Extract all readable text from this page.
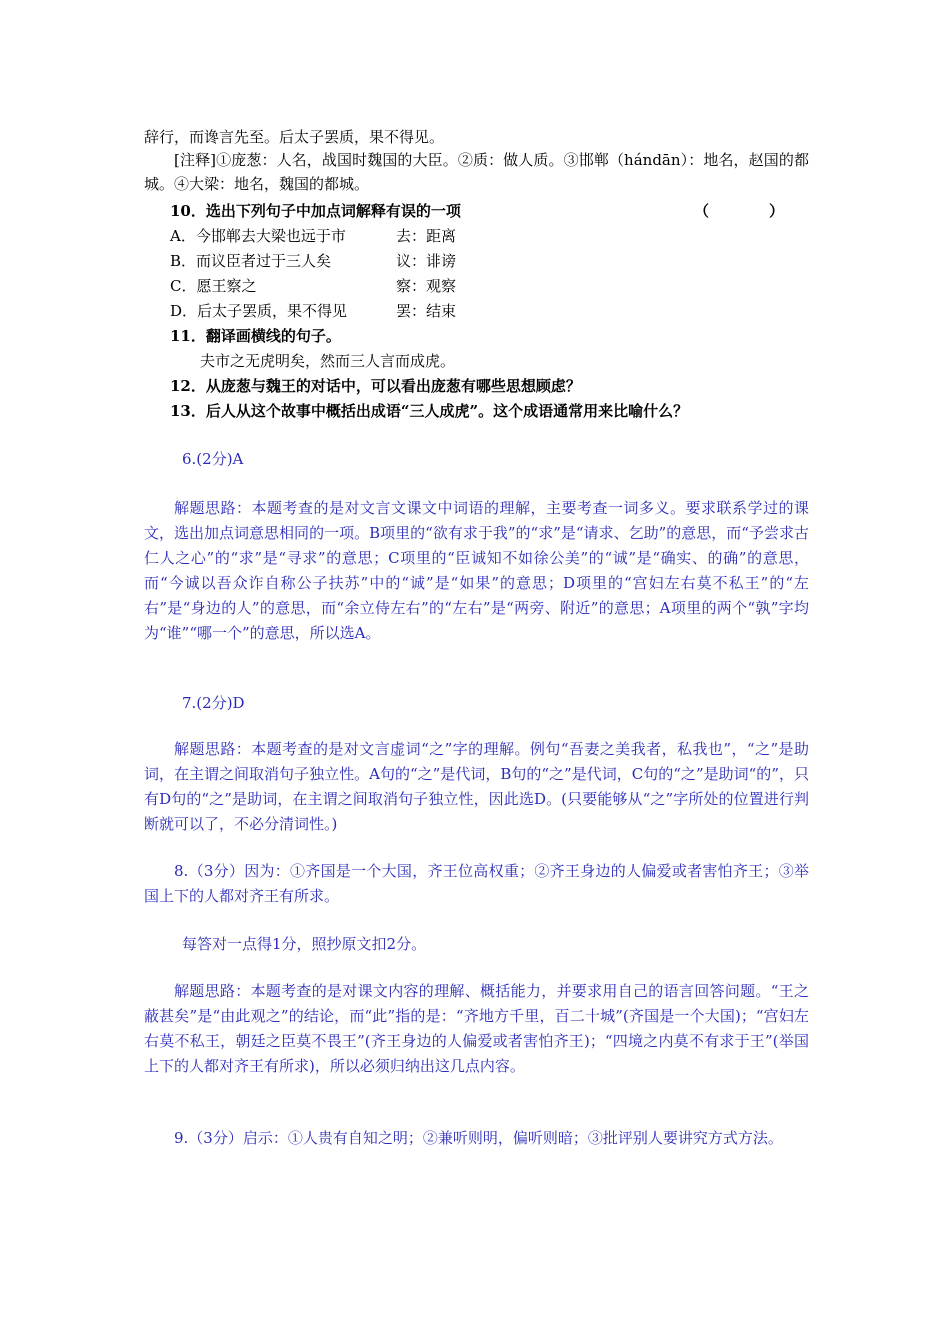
辞行，而谗言先至。后太子罢质，果不得见。
[注释]①庞葱：人名，战国时魏国的大臣。②质：做人质。③邯郸（hándān）：地名，赵国的都城。④大梁：地名，魏国的都城。
10．选出下列句子中加点词解释有误的一项	（　　　　）
A．今邯郸去大梁也远于市	去：距离
B．而议臣者过于三人矣	议：诽谤
C．愿王察之	察：观察
D．后太子罢质，果不得见	罢：结束
11．翻译画横线的句子。
夫市之无虎明矣，然而三人言而成虎。
12．从庞葱与魏王的对话中，可以看出庞葱有哪些思想顾虑？
13．后人从这个故事中概括出成语“三人成虎”。这个成语通常用来比喻什么？
6.(2分)A
解题思路：本题考查的是对文言文课文中词语的理解，主要考查一词多义。要求联系学过的课文，选出加点词意思相同的一项。B项里的“欲有求于我”的“求”是“请求、乞助”的意思，而“予尝求古仁人之心”的“求”是“寻求”的意思；C项里的“臣诚知不如徐公美”的“诚”是“确实、的确”的意思，而“今诚以吾众诈自称公子扶苏”中的“诚”是“如果”的意思；D项里的“宫妇左右莫不私王”的“左右”是“身边的人”的意思，而“余立侍左右”的“左右”是“两旁、附近”的意思；A项里的两个“孰”字均为“谁”“哪一个”的意思，所以选A。
7.(2分)D
解题思路：本题考查的是对文言虚词“之”字的理解。例句“吾妻之美我者，私我也”，“之”是助词，在主谓之间取消句子独立性。A句的“之”是代词，B句的“之”是代词，C句的“之”是助词“的”，只有D句的“之”是助词，在主谓之间取消句子独立性，因此选D。(只要能够从“之”字所处的位置进行判断就可以了，不必分清词性。)
8.（3分）因为：①齐国是一个大国，齐王位高权重；②齐王身边的人偏爱或者害怕齐王；③举国上下的人都对齐王有所求。
每答对一点得1分，照抄原文扣2分。
解题思路：本题考查的是对课文内容的理解、概括能力，并要求用自己的语言回答问题。“王之蔽甚矣”是“由此观之”的结论，而“此”指的是：“齐地方千里，百二十城”(齐国是一个大国)；“宫妇左右莫不私王，朝廷之臣莫不畏王”(齐王身边的人偏爱或者害怕齐王)；“四境之内莫不有求于王”(举国上下的人都对齐王有所求)，所以必须归纳出这几点内容。
9.（3分）启示：①人贵有自知之明；②兼听则明，偏听则暗；③批评别人要讲究方式方法。
